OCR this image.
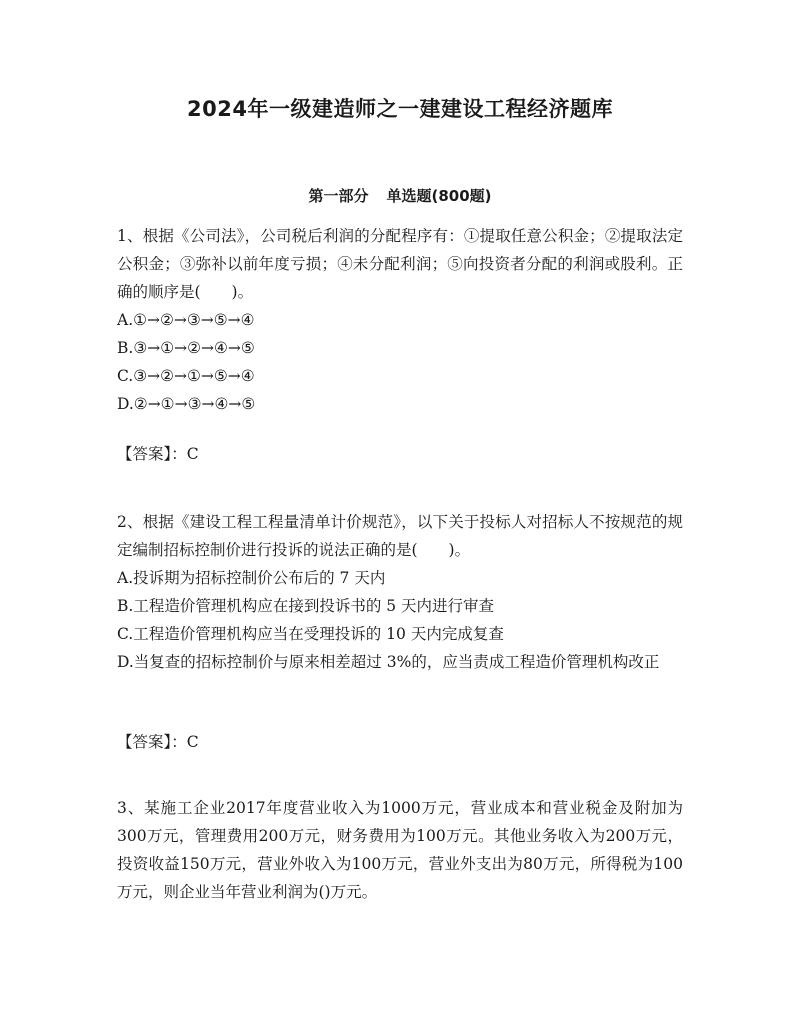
2024年一级建造师之一建建设工程经济题库
第一部分 单选题(800题)

1、根据《公司法》，公司税后利润的分配程序有：①提取任意公积金；②提取法定公积金；③弥补以前年度亏损；④未分配利润；⑤向投资者分配的利润或股利。正确的顺序是(　　)。

A.①→②→③→⑤→④

B.③→①→②→④→⑤

C.③→②→①→⑤→④

D.②→①→③→④→⑤

【答案】：C

2、根据《建设工程工程量清单计价规范》，以下关于投标人对招标人不按规范的规定编制招标控制价进行投诉的说法正确的是(　　)。

A.投诉期为招标控制价公布后的 7 天内

B.工程造价管理机构应在接到投诉书的 5 天内进行审查

C.工程造价管理机构应当在受理投诉的 10 天内完成复查

D.当复查的招标控制价与原来相差超过 3%的，应当责成工程造价管理机构改正

【答案】：C

3、某施工企业2017年度营业收入为1000万元，营业成本和营业税金及附加为300万元，管理费用200万元，财务费用为100万元。其他业务收入为200万元，投资收益150万元，营业外收入为100万元，营业外支出为80万元，所得税为100万元，则企业当年营业利润为()万元。
